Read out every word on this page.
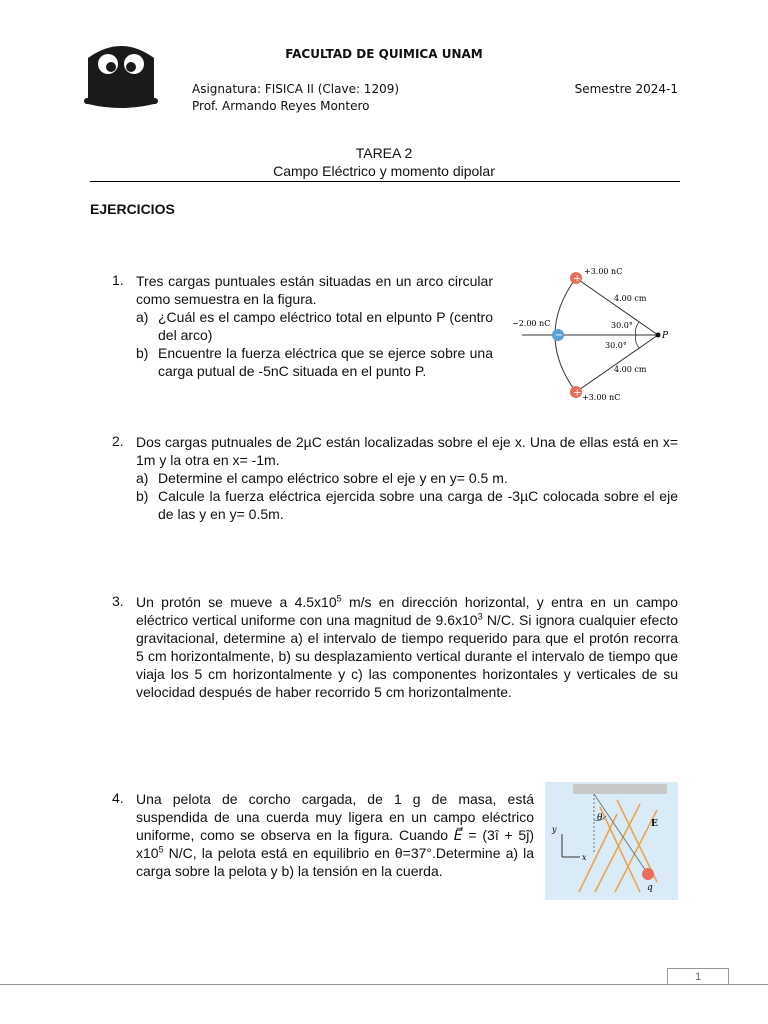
FACULTAD DE QUIMICA UNAM
Asignatura: FISICA II (Clave: 1209)
Prof. Armando Reyes Montero
Semestre 2024-1
TAREA 2
Campo Eléctrico y momento dipolar
EJERCICIOS
1. Tres cargas puntuales están situadas en un arco circular como semuestra en la figura.
a) ¿Cuál es el campo eléctrico total en elpunto P (centro del arco)
b) Encuentre la fuerza eléctrica que se ejerce sobre una carga putual de -5nC situada en el punto P.
+
−
+
+3.00 nC
−2.00 nC
+3.00 nC
4.00 cm
4.00 cm
30.0°
30.0°
P
2. Dos cargas putnuales de 2µC están localizadas sobre el eje x. Una de ellas está en x= 1m y la otra en x= -1m.
a) Determine el campo eléctrico sobre el eje y en y= 0.5 m.
b) Calcule la fuerza eléctrica ejercida sobre una carga de -3µC colocada sobre el eje de las y en y= 0.5m.
3. Un protón se mueve a $4.5x10^5$ m/s en dirección horizontal, y entra en un campo eléctrico vertical uniforme con una magnitud de $9.6x10^3$ N/C. Si ignora cualquier efecto gravitacional, determine a) el intervalo de tiempo requerido para que el protón recorra 5 cm horizontalmente, b) su desplazamiento vertical durante el intervalo de tiempo que viaja los 5 cm horizontalmente y c) las componentes horizontales y verticales de su velocidad después de haber recorrido 5 cm horizontalmente.
4. Una pelota de corcho cargada, de 1 g de masa, está suspendida de una cuerda muy ligera en un campo eléctrico uniforme, como se observa en la figura. Cuando E⃗ = (3î + 5ĵ) $x10^5$ N/C, la pelota está en equilibrio en θ=37°.Determine a) la carga sobre la pelota y b) la tensión en la cuerda.
θ
E
y
x
q
1
